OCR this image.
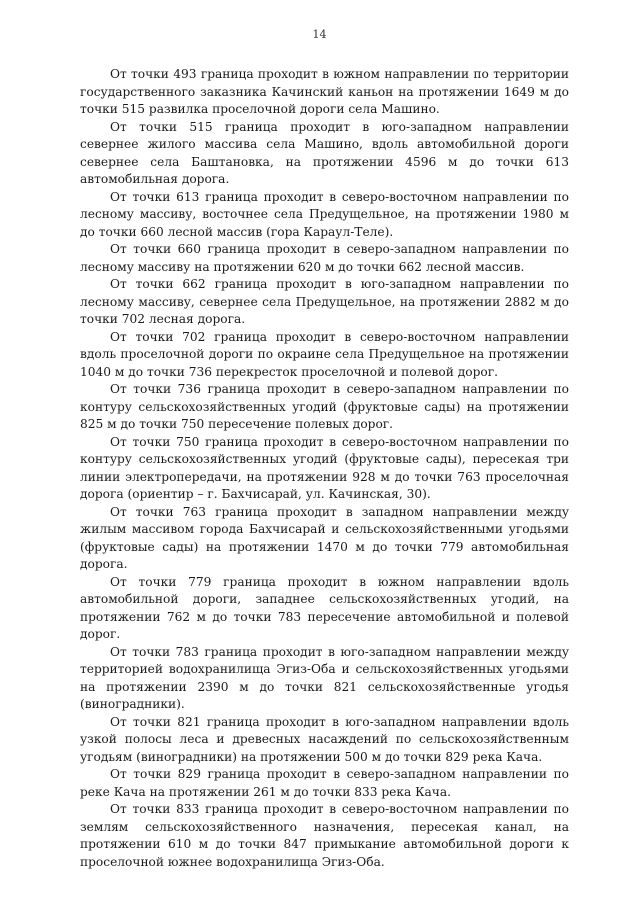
14

От точки 493 граница проходит в южном направлении по территории государственного заказника Качинский каньон на протяжении 1649 м до точки 515 развилка проселочной дороги села Машино.

От точки 515 граница проходит в юго-западном направлении севернее жилого массива села Машино, вдоль автомобильной дороги севернее села Баштановка, на протяжении 4596 м до точки 613 автомобильная дорога.

От точки 613 граница проходит в северо-восточном направлении по лесному массиву, восточнее села Предущельное, на протяжении 1980 м до точки 660 лесной массив (гора Караул-Теле).

От точки 660 граница проходит в северо-западном направлении по лесному массиву на протяжении 620 м до точки 662 лесной массив.

От точки 662 граница проходит в юго-западном направлении по лесному массиву, севернее села Предущельное, на протяжении 2882 м до точки 702 лесная дорога.

От точки 702 граница проходит в северо-восточном направлении вдоль проселочной дороги по окраине села Предущельное на протяжении 1040 м до точки 736 перекресток проселочной и полевой дорог.

От точки 736 граница проходит в северо-западном направлении по контуру сельскохозяйственных угодий (фруктовые сады) на протяжении 825 м до точки 750 пересечение полевых дорог.

От точки 750 граница проходит в северо-восточном направлении по контуру сельскохозяйственных угодий (фруктовые сады), пересекая три линии электропередачи, на протяжении 928 м до точки 763 проселочная дорога (ориентир – г. Бахчисарай, ул. Качинская, 30).

От точки 763 граница проходит в западном направлении между жилым массивом города Бахчисарай и сельскохозяйственными угодьями (фруктовые сады) на протяжении 1470 м до точки 779 автомобильная дорога.

От точки 779 граница проходит в южном направлении вдоль автомобильной дороги, западнее сельскохозяйственных угодий, на протяжении 762 м до точки 783 пересечение автомобильной и полевой дорог.

От точки 783 граница проходит в юго-западном направлении между территорией водохранилища Эгиз-Оба и сельскохозяйственных угодьями на протяжении 2390 м до точки 821 сельскохозяйственные угодья (виноградники).

От точки 821 граница проходит в юго-западном направлении вдоль узкой полосы леса и древесных насаждений по сельскохозяйственным угодьям (виноградники) на протяжении 500 м до точки 829 река Кача.

От точки 829 граница проходит в северо-западном направлении по реке Кача на протяжении 261 м до точки 833 река Кача.

От точки 833 граница проходит в северо-восточном направлении по землям сельскохозяйственного назначения, пересекая канал, на протяжении 610 м до точки 847 примыкание автомобильной дороги к проселочной южнее водохранилища Эгиз-Оба.
